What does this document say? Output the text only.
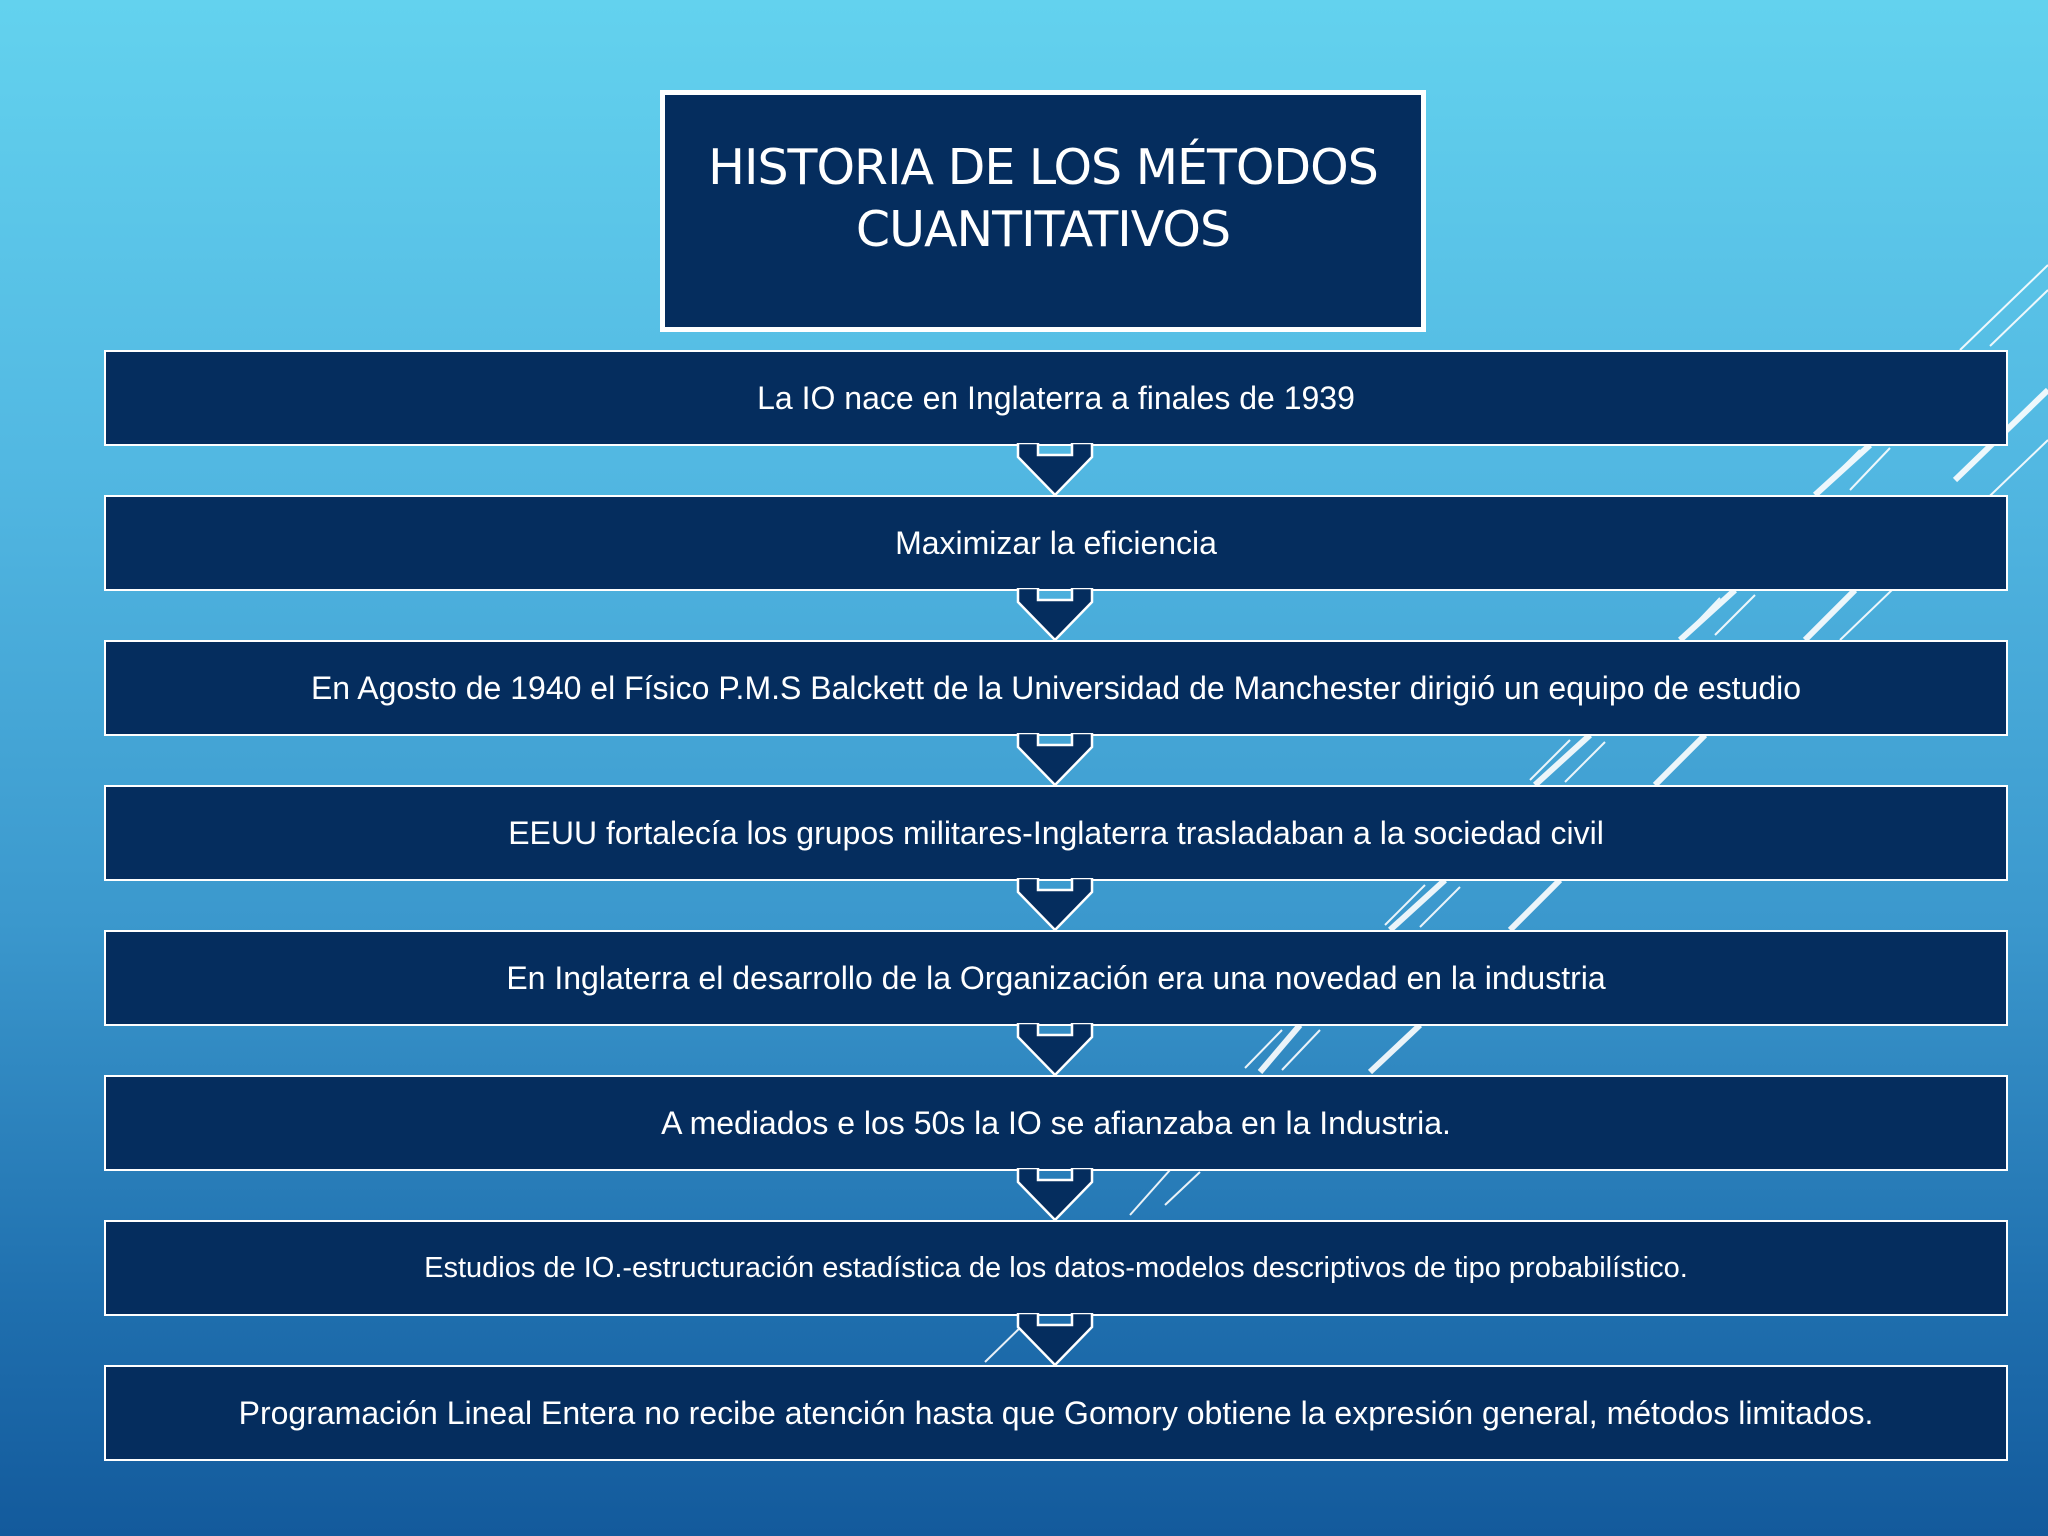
HISTORIA DE LOS MÉTODOS
CUANTITATIVOS
La IO nace en Inglaterra a finales de 1939
Maximizar la eficiencia
En Agosto de 1940 el Físico P.M.S Balckett de la Universidad de Manchester dirigió un equipo de estudio
EEUU fortalecía los grupos militares-Inglaterra trasladaban a la sociedad civil
En Inglaterra el desarrollo de la Organización era una novedad en la industria
A mediados e los 50s la IO se afianzaba en la Industria.
Estudios de IO.-estructuración estadística de los datos-modelos descriptivos de tipo probabilístico.
Programación Lineal Entera no recibe atención hasta que Gomory obtiene la expresión general, métodos limitados.
